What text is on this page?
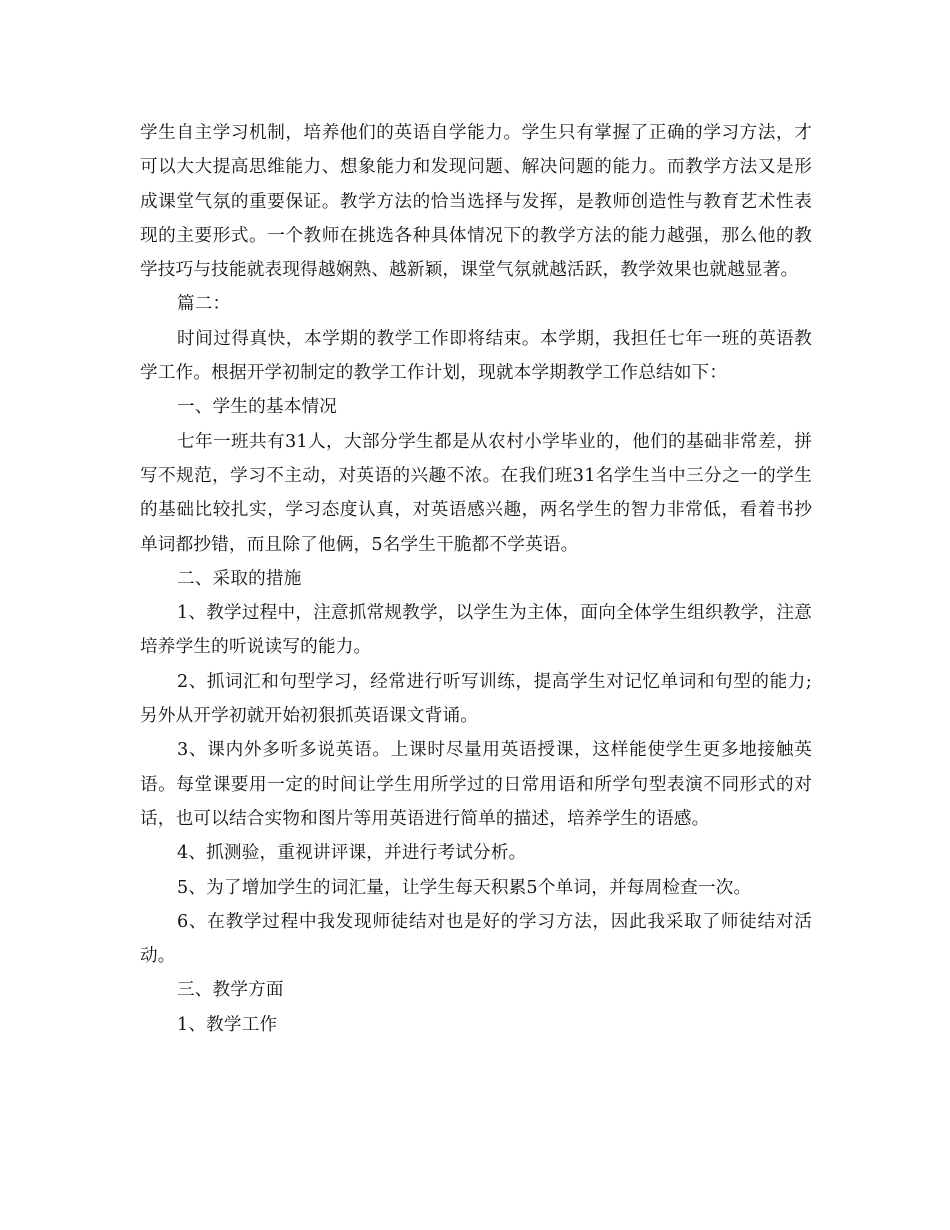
学生自主学习机制，培养他们的英语自学能力。学生只有掌握了正确的学习方法，才可以大大提高思维能力、想象能力和发现问题、解决问题的能力。而教学方法又是形成课堂气氛的重要保证。教学方法的恰当选择与发挥，是教师创造性与教育艺术性表现的主要形式。一个教师在挑选各种具体情况下的教学方法的能力越强，那么他的教学技巧与技能就表现得越娴熟、越新颖，课堂气氛就越活跃，教学效果也就越显著。

篇二：

时间过得真快，本学期的教学工作即将结束。本学期，我担任七年一班的英语教学工作。根据开学初制定的教学工作计划，现就本学期教学工作总结如下：

一、学生的基本情况

七年一班共有31人，大部分学生都是从农村小学毕业的，他们的基础非常差，拼写不规范，学习不主动，对英语的兴趣不浓。在我们班31名学生当中三分之一的学生的基础比较扎实，学习态度认真，对英语感兴趣，两名学生的智力非常低，看着书抄单词都抄错，而且除了他俩，5名学生干脆都不学英语。

二、采取的措施

1、教学过程中，注意抓常规教学，以学生为主体，面向全体学生组织教学，注意培养学生的听说读写的能力。

2、抓词汇和句型学习，经常进行听写训练，提高学生对记忆单词和句型的能力;另外从开学初就开始初狠抓英语课文背诵。

3、课内外多听多说英语。上课时尽量用英语授课，这样能使学生更多地接触英语。每堂课要用一定的时间让学生用所学过的日常用语和所学句型表演不同形式的对话，也可以结合实物和图片等用英语进行简单的描述，培养学生的语感。

4、抓测验，重视讲评课，并进行考试分析。

5、为了增加学生的词汇量，让学生每天积累5个单词，并每周检查一次。

6、在教学过程中我发现师徒结对也是好的学习方法，因此我采取了师徒结对活动。

三、教学方面

1、教学工作
